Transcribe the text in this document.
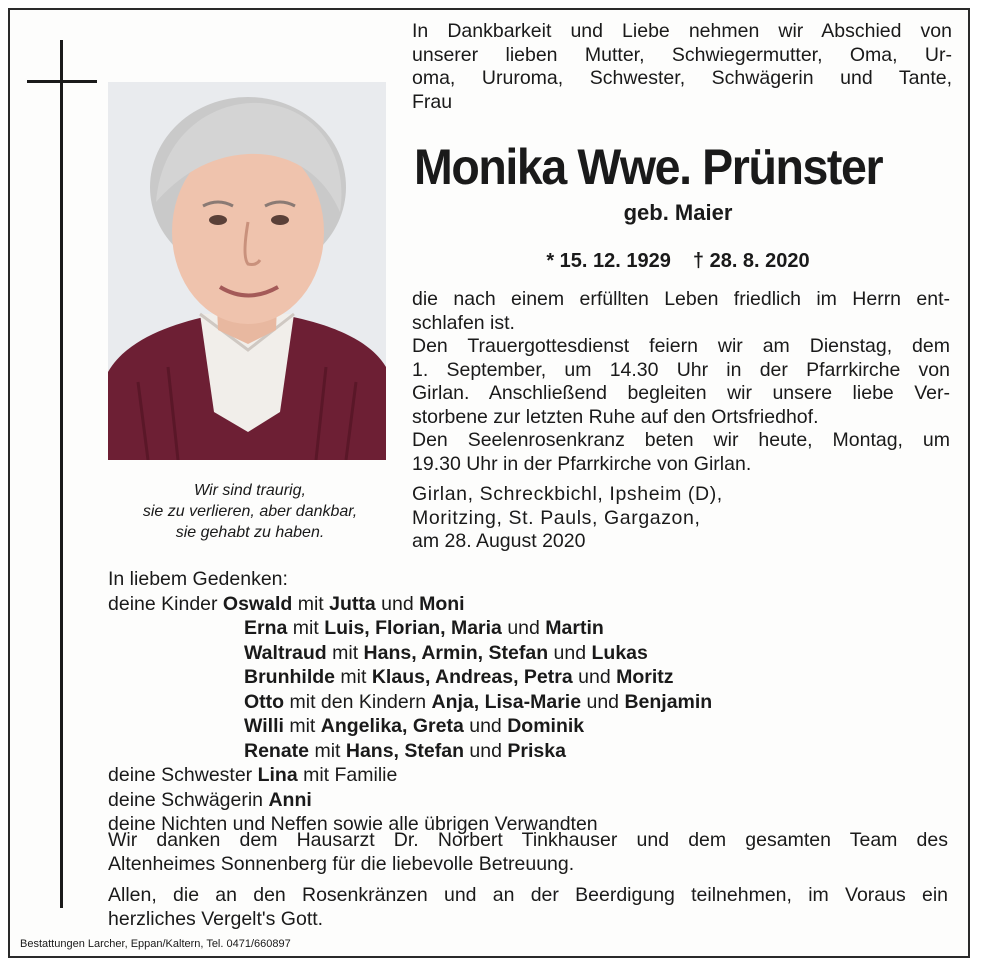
Wir sind traurig,
sie zu verlieren, aber dankbar,
sie gehabt zu haben.
In Dankbarkeit und Liebe nehmen wir Abschied von
unserer lieben Mutter, Schwiegermutter, Oma, Ur-
oma, Ururoma, Schwester, Schwägerin und Tante,
Frau
Monika Wwe. Prünster
geb. Maier
* 15. 12. 1929 † 28. 8. 2020
die nach einem erfüllten Leben friedlich im Herrn ent-
schlafen ist.
Den Trauergottesdienst feiern wir am Dienstag, dem
1. September, um 14.30 Uhr in der Pfarrkirche von
Girlan. Anschließend begleiten wir unsere liebe Ver-
storbene zur letzten Ruhe auf den Ortsfriedhof.
Den Seelenrosenkranz beten wir heute, Montag, um
19.30 Uhr in der Pfarrkirche von Girlan.
Girlan, Schreckbichl, Ipsheim (D),
Moritzing, St. Pauls, Gargazon,
am 28. August 2020
In liebem Gedenken:
deine Kinder Oswald mit Jutta und Moni
Erna mit Luis, Florian, Maria und Martin
Waltraud mit Hans, Armin, Stefan und Lukas
Brunhilde mit Klaus, Andreas, Petra und Moritz
Otto mit den Kindern Anja, Lisa-Marie und Benjamin
Willi mit Angelika, Greta und Dominik
Renate mit Hans, Stefan und Priska
deine Schwester Lina mit Familie
deine Schwägerin Anni
deine Nichten und Neffen sowie alle übrigen Verwandten

Wir danken dem Hausarzt Dr. Norbert Tinkhauser und dem gesamten Team des
Altenheimes Sonnenberg für die liebevolle Betreuung.

Allen, die an den Rosenkränzen und an der Beerdigung teilnehmen, im Voraus ein
herzliches Vergelt's Gott.

Bestattungen Larcher, Eppan/Kaltern, Tel. 0471/660897
